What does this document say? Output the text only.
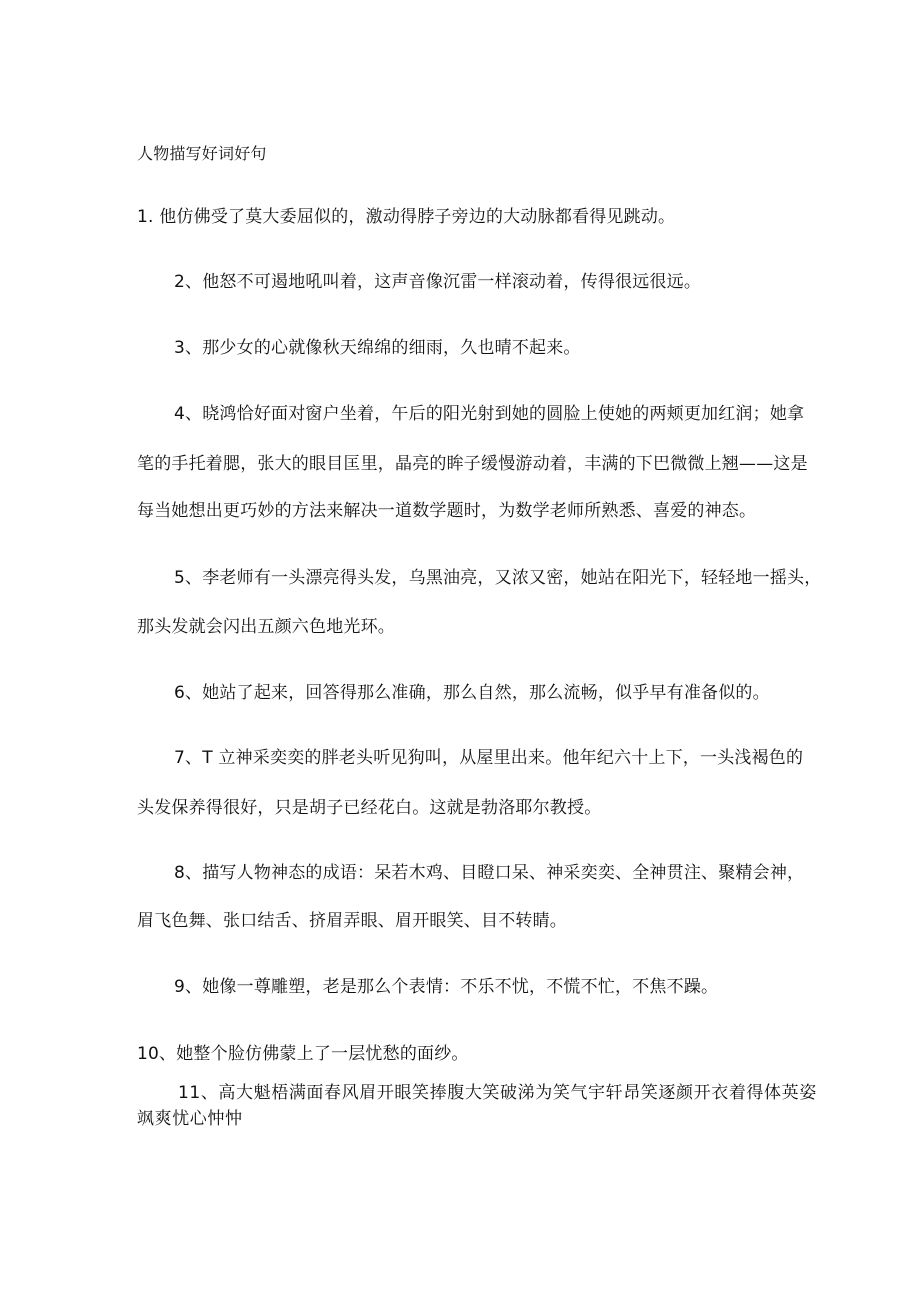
人物描写好词好句
1. 他仿佛受了莫大委屈似的，激动得脖子旁边的大动脉都看得见跳动。
2、他怒不可遏地吼叫着，这声音像沉雷一样滚动着，传得很远很远。
3、那少女的心就像秋天绵绵的细雨，久也晴不起来。
4、晓鸿恰好面对窗户坐着，午后的阳光射到她的圆脸上使她的两颊更加红润；她拿
笔的手托着腮，张大的眼目匡里，晶亮的眸子缓慢游动着，丰满的下巴微微上翘——这是
每当她想出更巧妙的方法来解决一道数学题时，为数学老师所熟悉、喜爱的神态。
5、李老师有一头漂亮得头发，乌黑油亮，又浓又密，她站在阳光下，轻轻地一摇头，
那头发就会闪出五颜六色地光环。
6、她站了起来，回答得那么准确，那么自然，那么流畅，似乎早有准备似的。
7、T 立神采奕奕的胖老头听见狗叫，从屋里出来。他年纪六十上下，一头浅褐色的
头发保养得很好，只是胡子已经花白。这就是勃洛耶尔教授。
8、描写人物神态的成语：呆若木鸡、目瞪口呆、神采奕奕、全神贯注、聚精会神，
眉飞色舞、张口结舌、挤眉弄眼、眉开眼笑、目不转睛。
9、她像一尊雕塑，老是那么个表情：不乐不忧，不慌不忙，不焦不躁。
10、她整个脸仿佛蒙上了一层忧愁的面纱。
11、高大魁梧满面春风眉开眼笑捧腹大笑破涕为笑气宇轩昂笑逐颜开衣着得体英姿
飒爽忧心忡忡
